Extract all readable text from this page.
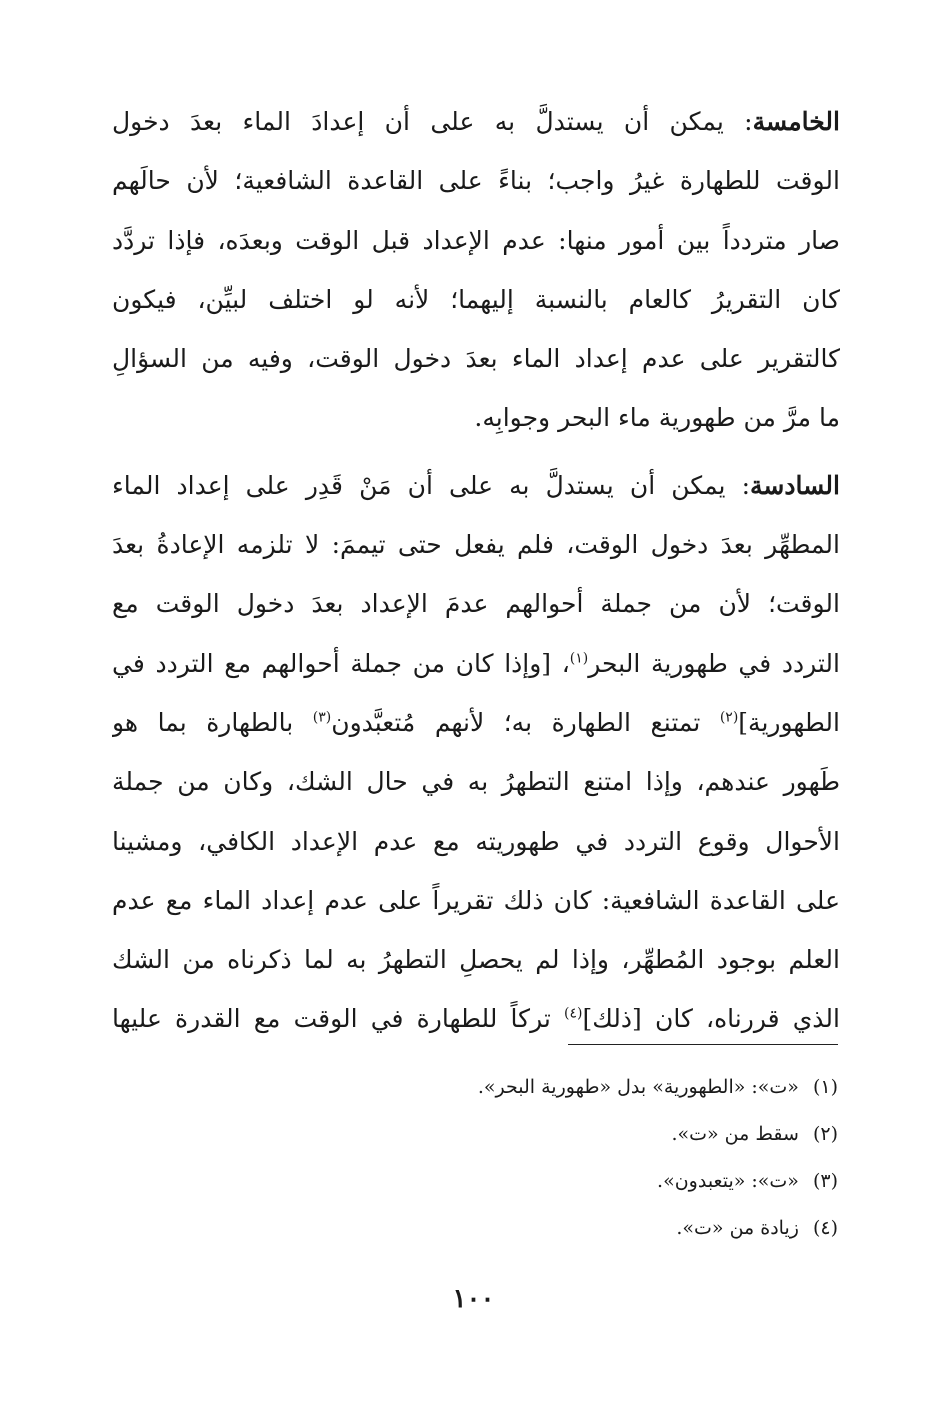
الخامسة: يمكن أن يستدلَّ به على أن إعدادَ الماء بعدَ دخول
الوقت للطهارة غيرُ واجب؛ بناءً على القاعدة الشافعية؛ لأن حالَهم
صار متردداً بين أمور منها: عدم الإعداد قبل الوقت وبعدَه، فإذا تردَّد
كان التقريرُ كالعام بالنسبة إليهما؛ لأنه لو اختلف لبيِّن، فيكون
كالتقرير على عدم إعداد الماء بعدَ دخول الوقت، وفيه من السؤالِ
ما مرَّ من طهورية ماء البحر وجوابِه.
السادسة: يمكن أن يستدلَّ به على أن مَنْ قَدِر على إعداد الماء
المطهِّر بعدَ دخول الوقت، فلم يفعل حتى تيممَ: لا تلزمه الإعادةُ بعدَ
الوقت؛ لأن من جملة أحوالهم عدمَ الإعداد بعدَ دخول الوقت مع
التردد في طهورية البحر$^{(١)}$، [وإذا كان من جملة أحوالهم مع التردد في
الطهورية]$^{(٢)}$ تمتنع الطهارة به؛ لأنهم مُتعبَّدون$^{(٣)}$ بالطهارة بما هو
طَهور عندهم، وإذا امتنع التطهرُ به في حال الشك، وكان من جملة
الأحوال وقوع التردد في طهوريته مع عدم الإعداد الكافي، ومشينا
على القاعدة الشافعية: كان ذلك تقريراً على عدم إعداد الماء مع عدم
العلم بوجود المُطهِّر، وإذا لم يحصلِ التطهرُ به لما ذكرناه من الشك
الذي قررناه، كان [ذلك]$^{(٤)}$ تركاً للطهارة في الوقت مع القدرة عليها
(١)«ت»: «الطهورية» بدل «طهورية البحر».
(٢)سقط من «ت».
(٣)«ت»: «يتعبدون».
(٤)زيادة من «ت».
١٠٠
